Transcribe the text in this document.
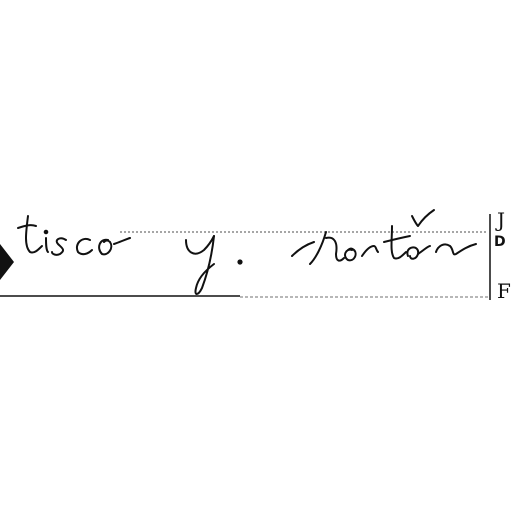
J
D
F
